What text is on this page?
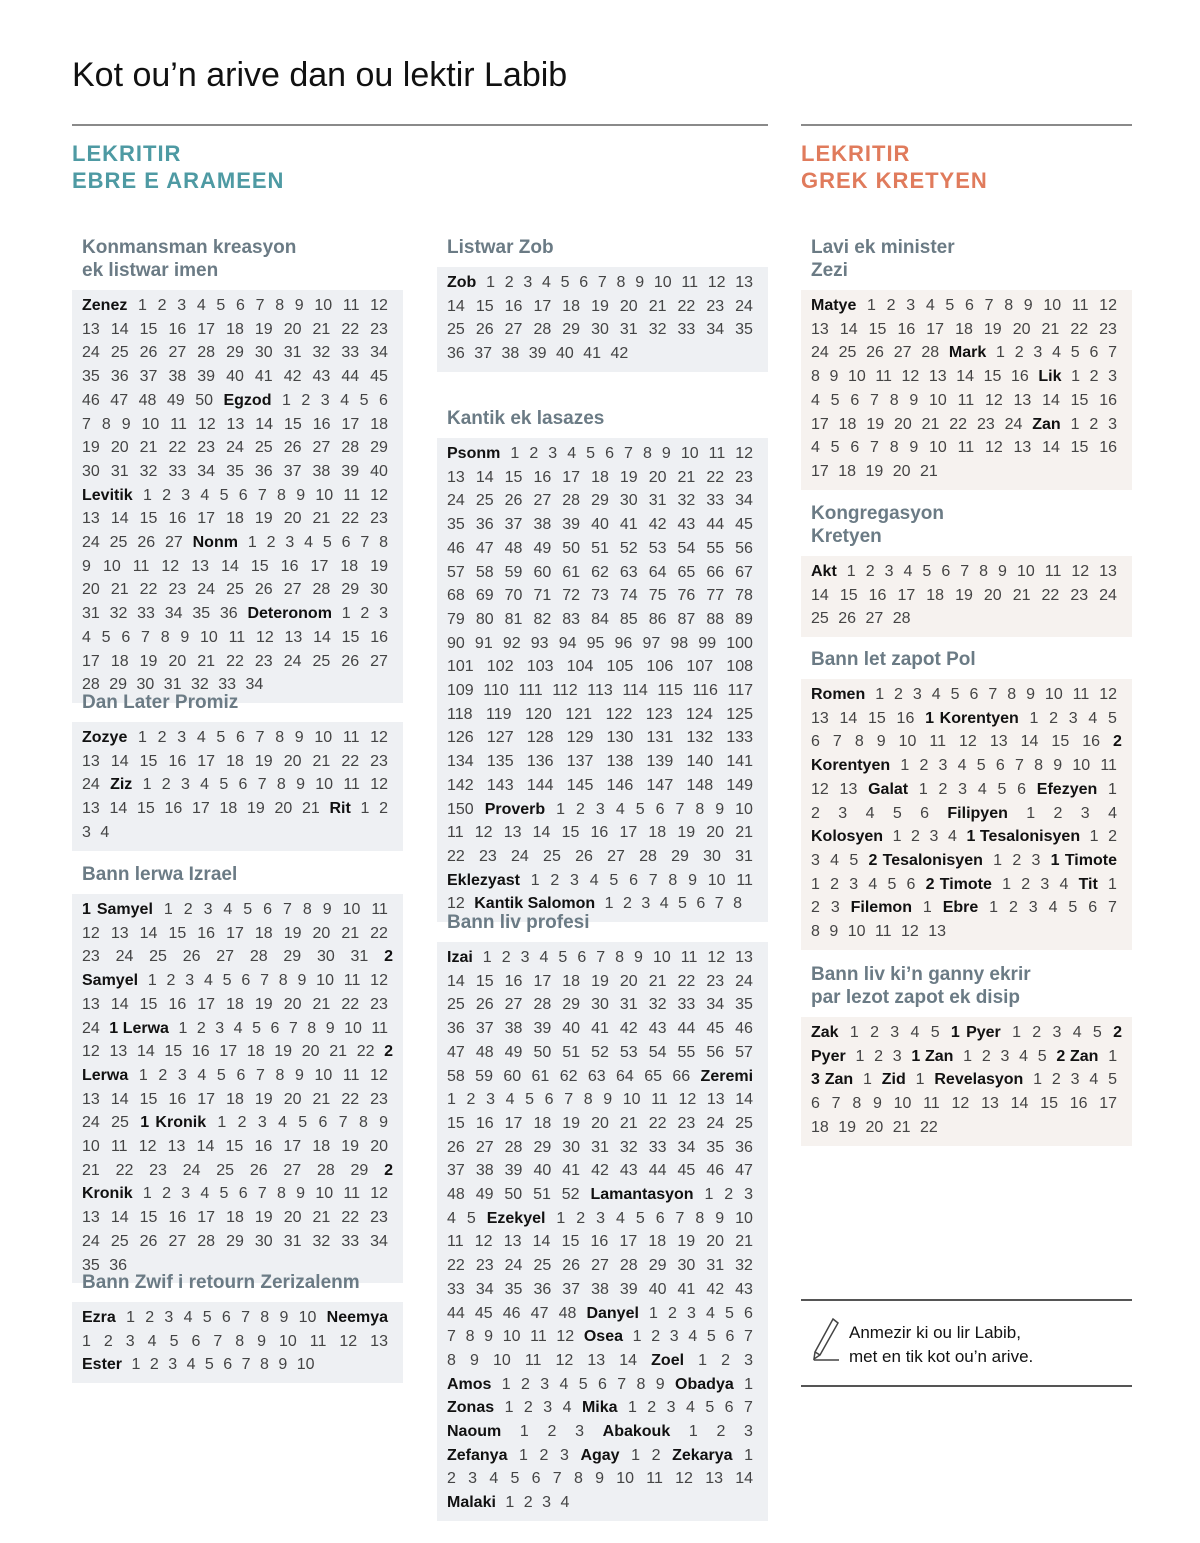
Kot ou’n arive dan ou lektir Labib
LEKRITIR
EBRE E ARAMEEN
LEKRITIR
GREK KRETYEN
Konmansman kreasyon
ek listwar imen
Zenez 1 2 3 4 5 6 7 8 9 10 11 12 13 14 15 16 17 18 19 20 21 22 23 24 25 26 27 28 29 30 31 32 33 34 35 36 37 38 39 40 41 42 43 44 45 46 47 48 49 50 Egzod 1 2 3 4 5 6 7 8 9 10 11 12 13 14 15 16 17 18 19 20 21 22 23 24 25 26 27 28 29 30 31 32 33 34 35 36 37 38 39 40 Levitik 1 2 3 4 5 6 7 8 9 10 11 12 13 14 15 16 17 18 19 20 21 22 23 24 25 26 27 Nonm 1 2 3 4 5 6 7 8 9 10 11 12 13 14 15 16 17 18 19 20 21 22 23 24 25 26 27 28 29 30 31 32 33 34 35 36 Deteronom 1 2 3 4 5 6 7 8 9 10 11 12 13 14 15 16 17 18 19 20 21 22 23 24 25 26 27 28 29 30 31 32 33 34
Dan Later Promiz
Zozye 1 2 3 4 5 6 7 8 9 10 11 12 13 14 15 16 17 18 19 20 21 22 23 24 Ziz 1 2 3 4 5 6 7 8 9 10 11 12 13 14 15 16 17 18 19 20 21 Rit 1 2 3 4
Bann lerwa Izrael
1 Samyel 1 2 3 4 5 6 7 8 9 10 11 12 13 14 15 16 17 18 19 20 21 22 23 24 25 26 27 28 29 30 31 2 Samyel 1 2 3 4 5 6 7 8 9 10 11 12 13 14 15 16 17 18 19 20 21 22 23 24 1 Lerwa 1 2 3 4 5 6 7 8 9 10 11 12 13 14 15 16 17 18 19 20 21 22 2 Lerwa 1 2 3 4 5 6 7 8 9 10 11 12 13 14 15 16 17 18 19 20 21 22 23 24 25 1 Kronik 1 2 3 4 5 6 7 8 9 10 11 12 13 14 15 16 17 18 19 20 21 22 23 24 25 26 27 28 29 2 Kronik 1 2 3 4 5 6 7 8 9 10 11 12 13 14 15 16 17 18 19 20 21 22 23 24 25 26 27 28 29 30 31 32 33 34 35 36
Bann Zwif i retourn Zerizalenm
Ezra 1 2 3 4 5 6 7 8 9 10 Neemya 1 2 3 4 5 6 7 8 9 10 11 12 13 Ester 1 2 3 4 5 6 7 8 9 10
Listwar Zob
Zob 1 2 3 4 5 6 7 8 9 10 11 12 13 14 15 16 17 18 19 20 21 22 23 24 25 26 27 28 29 30 31 32 33 34 35 36 37 38 39 40 41 42
Kantik ek lasazes
Psonm 1 2 3 4 5 6 7 8 9 10 11 12 13 14 15 16 17 18 19 20 21 22 23 24 25 26 27 28 29 30 31 32 33 34 35 36 37 38 39 40 41 42 43 44 45 46 47 48 49 50 51 52 53 54 55 56 57 58 59 60 61 62 63 64 65 66 67 68 69 70 71 72 73 74 75 76 77 78 79 80 81 82 83 84 85 86 87 88 89 90 91 92 93 94 95 96 97 98 99 100 101 102 103 104 105 106 107 108 109 110 111 112 113 114 115 116 117 118 119 120 121 122 123 124 125 126 127 128 129 130 131 132 133 134 135 136 137 138 139 140 141 142 143 144 145 146 147 148 149 150 Proverb 1 2 3 4 5 6 7 8 9 10 11 12 13 14 15 16 17 18 19 20 21 22 23 24 25 26 27 28 29 30 31 Eklezyast 1 2 3 4 5 6 7 8 9 10 11 12 Kantik Salomon 1 2 3 4 5 6 7 8
Bann liv profesi
Izai 1 2 3 4 5 6 7 8 9 10 11 12 13 14 15 16 17 18 19 20 21 22 23 24 25 26 27 28 29 30 31 32 33 34 35 36 37 38 39 40 41 42 43 44 45 46 47 48 49 50 51 52 53 54 55 56 57 58 59 60 61 62 63 64 65 66 Zeremi 1 2 3 4 5 6 7 8 9 10 11 12 13 14 15 16 17 18 19 20 21 22 23 24 25 26 27 28 29 30 31 32 33 34 35 36 37 38 39 40 41 42 43 44 45 46 47 48 49 50 51 52 Lamantasyon 1 2 3 4 5 Ezekyel 1 2 3 4 5 6 7 8 9 10 11 12 13 14 15 16 17 18 19 20 21 22 23 24 25 26 27 28 29 30 31 32 33 34 35 36 37 38 39 40 41 42 43 44 45 46 47 48 Danyel 1 2 3 4 5 6 7 8 9 10 11 12 Osea 1 2 3 4 5 6 7 8 9 10 11 12 13 14 Zoel 1 2 3 Amos 1 2 3 4 5 6 7 8 9 Obadya 1 Zonas 1 2 3 4 Mika 1 2 3 4 5 6 7 Naoum 1 2 3 Abakouk 1 2 3 Zefanya 1 2 3 Agay 1 2 Zekarya 1 2 3 4 5 6 7 8 9 10 11 12 13 14 Malaki 1 2 3 4
Lavi ek minister
Zezi
Matye 1 2 3 4 5 6 7 8 9 10 11 12 13 14 15 16 17 18 19 20 21 22 23 24 25 26 27 28 Mark 1 2 3 4 5 6 7 8 9 10 11 12 13 14 15 16 Lik 1 2 3 4 5 6 7 8 9 10 11 12 13 14 15 16 17 18 19 20 21 22 23 24 Zan 1 2 3 4 5 6 7 8 9 10 11 12 13 14 15 16 17 18 19 20 21
Kongregasyon
Kretyen
Akt 1 2 3 4 5 6 7 8 9 10 11 12 13 14 15 16 17 18 19 20 21 22 23 24 25 26 27 28
Bann let zapot Pol
Romen 1 2 3 4 5 6 7 8 9 10 11 12 13 14 15 16 1 Korentyen 1 2 3 4 5 6 7 8 9 10 11 12 13 14 15 16 2 Korentyen 1 2 3 4 5 6 7 8 9 10 11 12 13 Galat 1 2 3 4 5 6 Efezyen 1 2 3 4 5 6 Filipyen 1 2 3 4 Kolosyen 1 2 3 4 1 Tesalonisyen 1 2 3 4 5 2 Tesalonisyen 1 2 3 1 Timote 1 2 3 4 5 6 2 Timote 1 2 3 4 Tit 1 2 3 Filemon 1 Ebre 1 2 3 4 5 6 7 8 9 10 11 12 13
Bann liv ki’n ganny ekrir
par lezot zapot ek disip
Zak 1 2 3 4 5 1 Pyer 1 2 3 4 5 2 Pyer 1 2 3 1 Zan 1 2 3 4 5 2 Zan 1 3 Zan 1 Zid 1 Revelasyon 1 2 3 4 5 6 7 8 9 10 11 12 13 14 15 16 17 18 19 20 21 22
Anmezir ki ou lir Labib,
met en tik kot ou’n arive.
